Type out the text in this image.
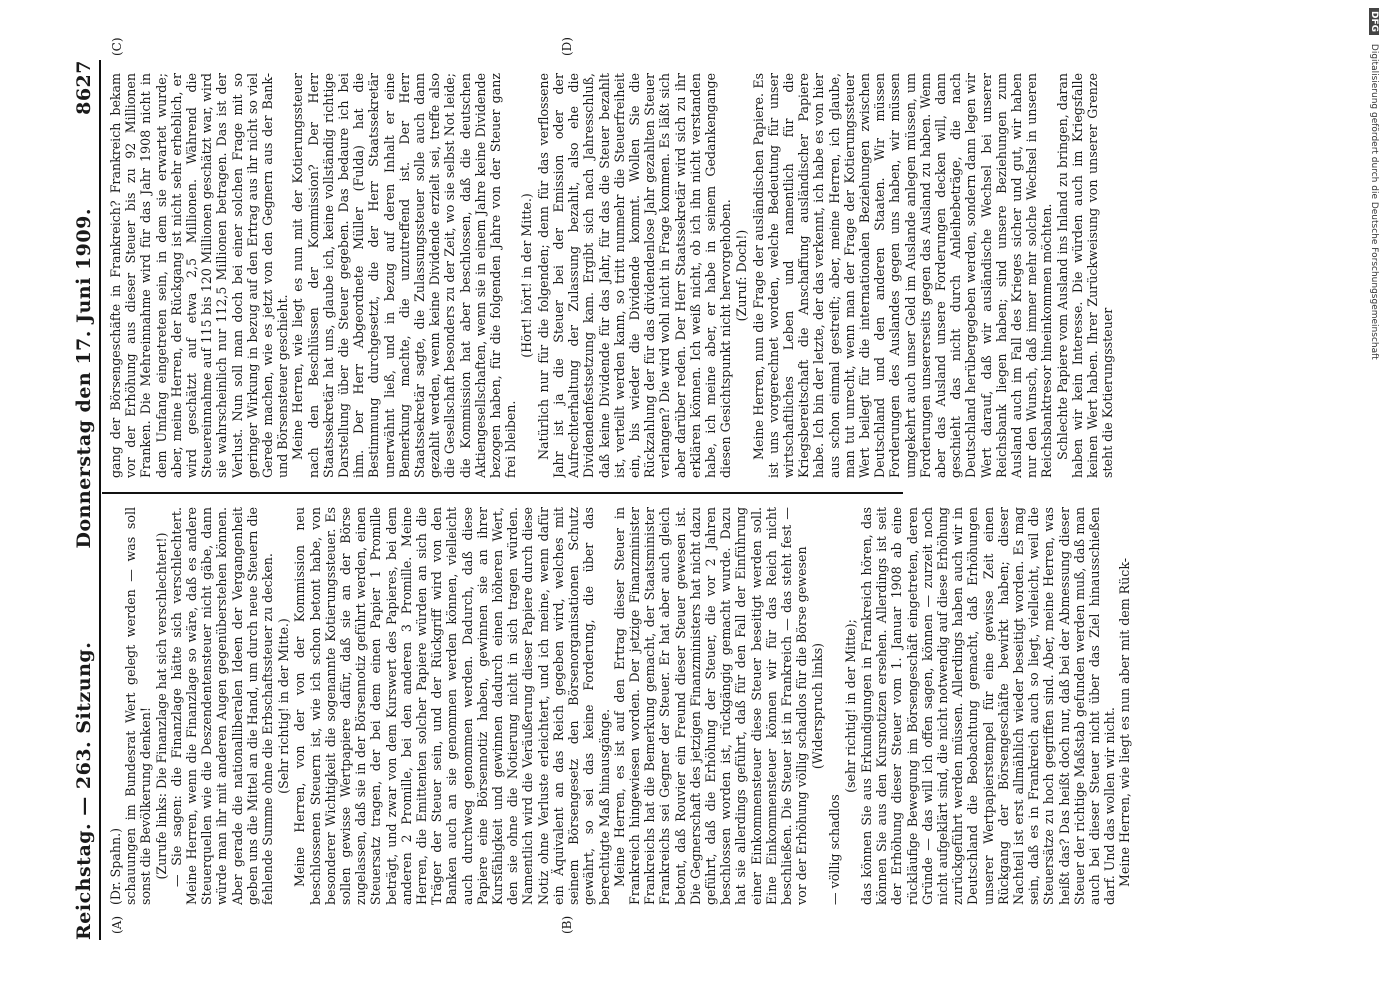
Reichstag. — 263. Sitzung.
Donnerstag den 17. Juni 1909.
8627
(A)	(B)
(C)	(D)

(Dr. Spahn.) schauungen im Bundesrat Wert gelegt werden — was soll sonst die Bevölkerung denken! (Zurufe links: Die Finanzlage hat sich verschlechtert!) — Sie sagen: die Finanzlage hätte sich verschlechtert. Meine Herren, wenn die Finanzlage so wäre, daß es andere Steuerquellen wie die Deszendentensteuer nicht gäbe, dann würde man ihr mit anderen Augen gegenüberstehen können. Aber gerade die nationalliberalen Ideen der Vergangenheit geben uns die Mittel an die Hand, um durch neue Steuern die fehlende Summe ohne die Erbschaftssteuer zu decken. (Sehr richtig! in der Mitte.) Meine Herren, von der von der Kommission neu beschlossenen Steuern ist, wie ich schon betont habe, von besonderer Wichtigkeit die sogenannte Kotierungssteuer. Es sollen gewisse Wertpapiere dafür, daß sie an der Börse zugelassen, daß sie in der Börsennotiz geführt werden, einen Steuersatz tragen, der bei dem einen Papier 1 Promille beträgt, und zwar von dem Kurswert des Papieres, bei dem anderen 2 Promille, bei den anderen 3 Promille. Meine Herren, die Emittenten solcher Papiere würden an sich die Träger der Steuer sein, und der Rückgriff wird von den Banken auch an sie genommen werden können, vielleicht auch durchweg genommen werden. Dadurch, daß diese Papiere eine Börsennotiz haben, gewinnen sie an ihrer Kursfähigkeit und gewinnen dadurch einen höheren Wert, den sie ohne die Notierung nicht in sich tragen würden. Namentlich wird die Veräußerung dieser Papiere durch diese Notiz ohne Verluste erleichtert, und ich meine, wenn dafür ein Äquivalent an das Reich gegeben wird, welches mit seinem Börsengesetz den Börsenorganisationen Schutz gewährt, so sei das keine Forderung, die über das berechtigte Maß hinausgänge. Meine Herren, es ist auf den Ertrag dieser Steuer in Frankreich hingewiesen worden. Der jetzige Finanzminister Frankreichs hat die Bemerkung gemacht, der Staatsminister Frankreichs sei Gegner der Steuer. Er hat aber auch gleich betont, daß Rouvier ein Freund dieser Steuer gewesen ist. Die Gegnerschaft des jetzigen Finanzministers hat nicht dazu geführt, daß die Erhöhung der Steuer, die vor 2 Jahren beschlossen worden ist, rückgängig gemacht wurde. Dazu hat sie allerdings geführt, daß für den Fall der Einführung einer Einkommensteuer diese Steuer beseitigt werden soll. Eine Einkommensteuer können wir für das Reich nicht beschließen. Die Steuer ist in Frankreich — das steht fest — vor der Erhöhung völlig schadlos für die Börse gewesen (Widerspruch links)

— völlig schadlos

(sehr richtig! in der Mitte); das können Sie aus Erkundigungen in Frankreich hören, das können Sie aus den Kursnotizen ersehen. Allerdings ist seit der Erhöhung dieser Steuer vom 1. Januar 1908 ab eine rückläufige Bewegung im Börsengeschäft eingetreten, deren Gründe — das will ich offen sagen, können — zurzeit noch nicht aufgeklärt sind, die nicht notwendig auf diese Erhöhung zurückgeführt werden müssen. Allerdings haben auch wir in Deutschland die Beobachtung gemacht, daß Erhöhungen unserer Wertpapierstempel für eine gewisse Zeit einen Rückgang der Börsengeschäfte bewirkt haben; dieser Nachteil ist erst allmählich wieder beseitigt worden. Es mag sein, daß es in Frankreich auch so liegt, vielleicht, weil die Steuersätze zu hoch gegriffen sind. Aber, meine Herren, was heißt das? Das heißt doch nur, daß bei der Abmessung dieser Steuer der richtige Maßstab gefunden werden muß, daß man auch bei dieser Steuer nicht über das Ziel hinausschießen darf. Und das wollen wir nicht. Meine Herren, wie liegt es nun aber mit dem Rück-

gang der Börsengeschäfte in Frankreich? Frankreich bekam vor der Erhöhung aus dieser Steuer bis zu 92 Millionen Franken. Die Mehreinnahme wird für das Jahr 1908 nicht in dem Umfang eingetreten sein, in dem sie erwartet wurde; aber, meine Herren, der Rückgang ist nicht sehr erheblich, er wird geschätzt auf etwa 2,5 Millionen. Während die Steuereinnahme auf 115 bis 120 Millionen geschätzt war, wird sie wahrscheinlich nur 112,5 Millionen betragen. Das ist der Verlust. Nun soll man doch bei einer solchen Frage mit so geringer Wirkung in bezug auf den Ertrag aus ihr nicht so viel Gerede machen, wie es jetzt von den Gegnern aus der Bank- und Börsensteuer geschieht. Meine Herren, wie liegt es nun mit der Kotierungssteuer nach den Beschlüssen der Kommission? Der Herr Staatssekretär hat uns, glaube ich, keine vollständig richtige Darstellung über die Steuer gegeben. Das bedaure ich bei ihm. Der Herr Abgeordnete Müller (Fulda) hat die Bestimmung durchgesetzt, die der Herr Staatssekretär unerwähnt ließ, und in bezug auf deren Inhalt er eine Bemerkung machte, die unzutreffend ist. Der Herr Staatssekretär sagte, die Zulassungssteuer solle auch dann gezahlt werden, wenn keine Dividende erzielt sei, treffe also die Gesellschaft besonders zu der Zeit, wo sie selbst Not leide; die Kommission hat aber beschlossen, daß die deutschen Aktiengesellschaften, wenn sie in einem Jahre keine Dividende bezogen haben, für die folgenden Jahre von der Steuer ganz frei bleiben.

(Hört! hört! in der Mitte.) Natürlich nur für die folgenden; denn für das verflossene Jahr ist ja die Steuer bei der Emission oder der Aufrechterhaltung der Zulassung bezahlt, also ehe die Dividendenfestsetzung kam. Ergibt sich nach Jahresschluß, daß keine Dividende für das Jahr, für das die Steuer bezahlt ist, verteilt werden kann, so tritt nunmehr die Steuerfreiheit ein, bis wieder die Dividende kommt. Wollen Sie die Rückzahlung der für das dividendenlose Jahr gezahlten Steuer verlangen? Die wird wohl nicht in Frage kommen. Es läßt sich aber darüber reden. Der Herr Staatssekretär wird sich zu ihr erklären können. Ich weiß nicht, ob ich ihn nicht verstanden habe, ich meine aber, er habe in seinem Gedankengange diesen Gesichtspunkt nicht hervorgehoben. (Zuruf: Doch!) Meine Herren, nun die Frage der ausländischen Papiere. Es ist uns vorgerechnet worden, welche Bedeutung für unser wirtschaftliches Leben und namentlich für die Kriegsbereitschaft die Anschaffung ausländischer Papiere habe. Ich bin der letzte, der das verkennt, ich habe es von hier aus schon einmal gestreift; aber, meine Herren, ich glaube, man tut unrecht, wenn man der Frage der Kotierungssteuer Wert beilegt für die internationalen Beziehungen zwischen Deutschland und den anderen Staaten. Wir müssen Forderungen des Auslandes gegen uns haben, wir müssen umgekehrt auch unser Geld im Auslande anlegen müssen, um Forderungen unsererseits gegen das Ausland zu haben. Wenn aber das Ausland unsere Forderungen decken will, dann geschieht das nicht durch Anleihebeträge, die nach Deutschland herübergegeben werden, sondern dann legen wir Wert darauf, daß wir ausländische Wechsel bei unserer Reichsbank liegen haben; sind unsere Beziehungen zum Ausland auch im Fall des Krieges sicher und gut, wir haben nur den Wunsch, daß immer mehr solche Wechsel in unseren Reichsbanktresor hineinkommen möchten. Schlechte Papiere vom Ausland ins Inland zu bringen, daran haben wir kein Interesse. Die würden auch im Kriegsfalle keinen Wert haben. Ihrer Zurückweisung von unserer Grenze steht die Kotierungssteuer

DFG Digitalisierung gefördert durch die Deutsche Forschungsgemeinschaft
